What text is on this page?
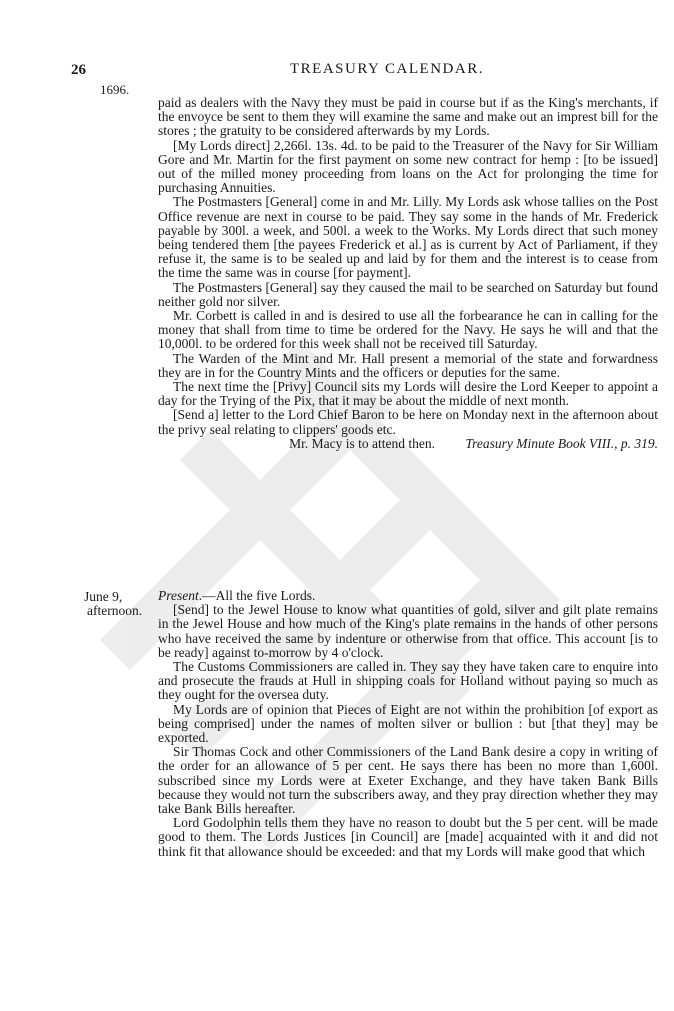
26	TREASURY CALENDAR.
1696.

paid as dealers with the Navy they must be paid in course but if as the King's merchants, if the envoyce be sent to them they will examine the same and make out an imprest bill for the stores ; the gratuity to be considered afterwards by my Lords.

[My Lords direct] 2,266l. 13s. 4d. to be paid to the Treasurer of the Navy for Sir William Gore and Mr. Martin for the first payment on some new contract for hemp : [to be issued] out of the milled money proceeding from loans on the Act for prolonging the time for purchasing Annuities.

The Postmasters [General] come in and Mr. Lilly. My Lords ask whose tallies on the Post Office revenue are next in course to be paid. They say some in the hands of Mr. Frederick payable by 300l. a week, and 500l. a week to the Works. My Lords direct that such money being tendered them [the payees Frederick et al.] as is current by Act of Parliament, if they refuse it, the same is to be sealed up and laid by for them and the interest is to cease from the time the same was in course [for payment].

The Postmasters [General] say they caused the mail to be searched on Saturday but found neither gold nor silver.

Mr. Corbett is called in and is desired to use all the forbearance he can in calling for the money that shall from time to time be ordered for the Navy. He says he will and that the 10,000l. to be ordered for this week shall not be received till Saturday.

The Warden of the Mint and Mr. Hall present a memorial of the state and forwardness they are in for the Country Mints and the officers or deputies for the same.

The next time the [Privy] Council sits my Lords will desire the Lord Keeper to appoint a day for the Trying of the Pix, that it may be about the middle of next month.

[Send a] letter to the Lord Chief Baron to be here on Monday next in the afternoon about the privy seal relating to clippers' goods etc.

Mr. Macy is to attend then. Treasury Minute Book VIII., p. 319.

June 9,
afternoon.

Present.—All the five Lords.

[Send] to the Jewel House to know what quantities of gold, silver and gilt plate remains in the Jewel House and how much of the King's plate remains in the hands of other persons who have received the same by indenture or otherwise from that office. This account [is to be ready] against to-morrow by 4 o'clock.

The Customs Commissioners are called in. They say they have taken care to enquire into and prosecute the frauds at Hull in shipping coals for Holland without paying so much as they ought for the oversea duty.

My Lords are of opinion that Pieces of Eight are not within the prohibition [of export as being comprised] under the names of molten silver or bullion : but [that they] may be exported.

Sir Thomas Cock and other Commissioners of the Land Bank desire a copy in writing of the order for an allowance of 5 per cent. He says there has been no more than 1,600l. subscribed since my Lords were at Exeter Exchange, and they have taken Bank Bills because they would not turn the subscribers away, and they pray direction whether they may take Bank Bills hereafter.

Lord Godolphin tells them they have no reason to doubt but the 5 per cent. will be made good to them. The Lords Justices [in Council] are [made] acquainted with it and did not think fit that allowance should be exceeded: and that my Lords will make good that which
